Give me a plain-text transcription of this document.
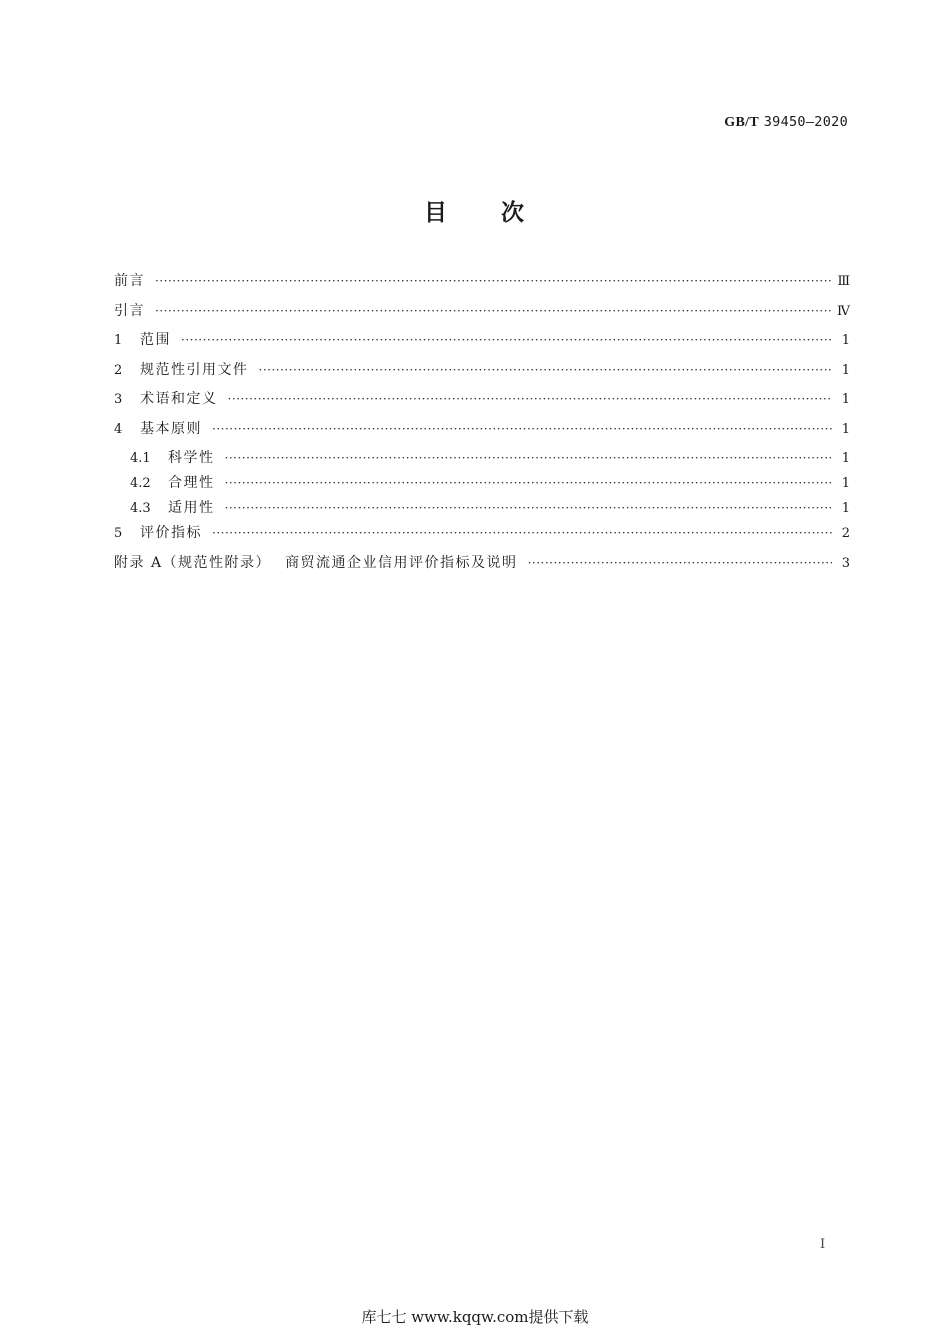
GB/T 39450—2020
目 次
前言 ·····	Ⅲ
引言 ·····	Ⅳ
1	范围 ·····	1
2	规范性引用文件 ·····	1
3	术语和定义 ·····	1
4	基本原则 ·····	1
4.1	科学性 ·····	1
4.2	合理性 ·····	1
4.3	适用性 ·····	1
5	评价指标 ·····	2
附录 A（规范性附录） 商贸流通企业信用评价指标及说明 ·····	3
I
库七七 www.kqqw.com提供下载
